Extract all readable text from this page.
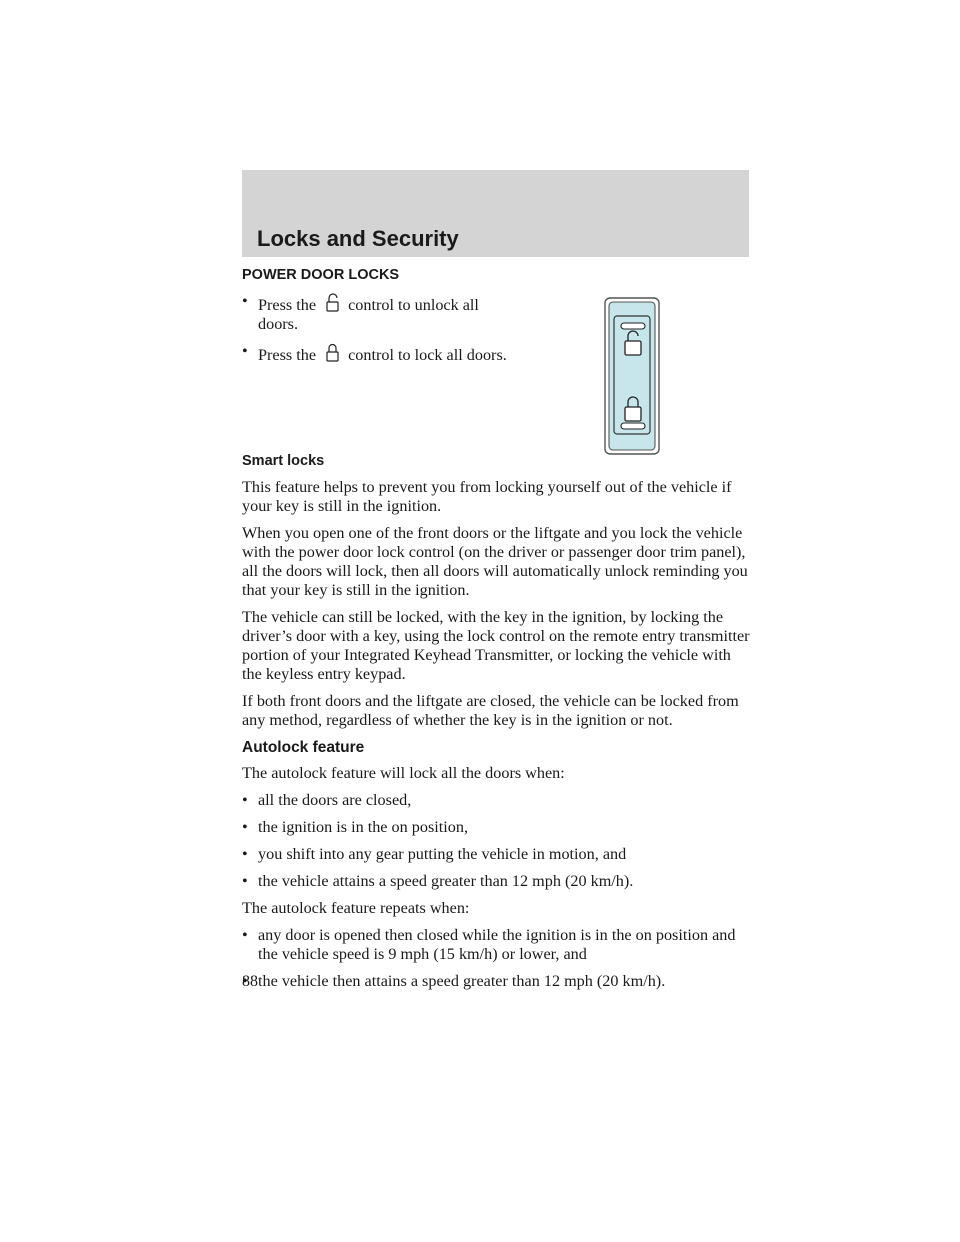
Locks and Security
POWER DOOR LOCKS
• Press the control to unlock all doors.
• Press the control to lock all doors.
Smart locks

This feature helps to prevent you from locking yourself out of the vehicle if your key is still in the ignition.

When you open one of the front doors or the liftgate and you lock the vehicle with the power door lock control (on the driver or passenger door trim panel), all the doors will lock, then all doors will automatically unlock reminding you that your key is still in the ignition.

The vehicle can still be locked, with the key in the ignition, by locking the driver’s door with a key, using the lock control on the remote entry transmitter portion of your Integrated Keyhead Transmitter, or locking the vehicle with the keyless entry keypad.

If both front doors and the liftgate are closed, the vehicle can be locked from any method, regardless of whether the key is in the ignition or not.

Autolock feature

The autolock feature will lock all the doors when:

• all the doors are closed,
• the ignition is in the on position,
• you shift into any gear putting the vehicle in motion, and
• the vehicle attains a speed greater than 12 mph (20 km/h).

The autolock feature repeats when:

• any door is opened then closed while the ignition is in the on position and the vehicle speed is 9 mph (15 km/h) or lower, and
• the vehicle then attains a speed greater than 12 mph (20 km/h).
88
